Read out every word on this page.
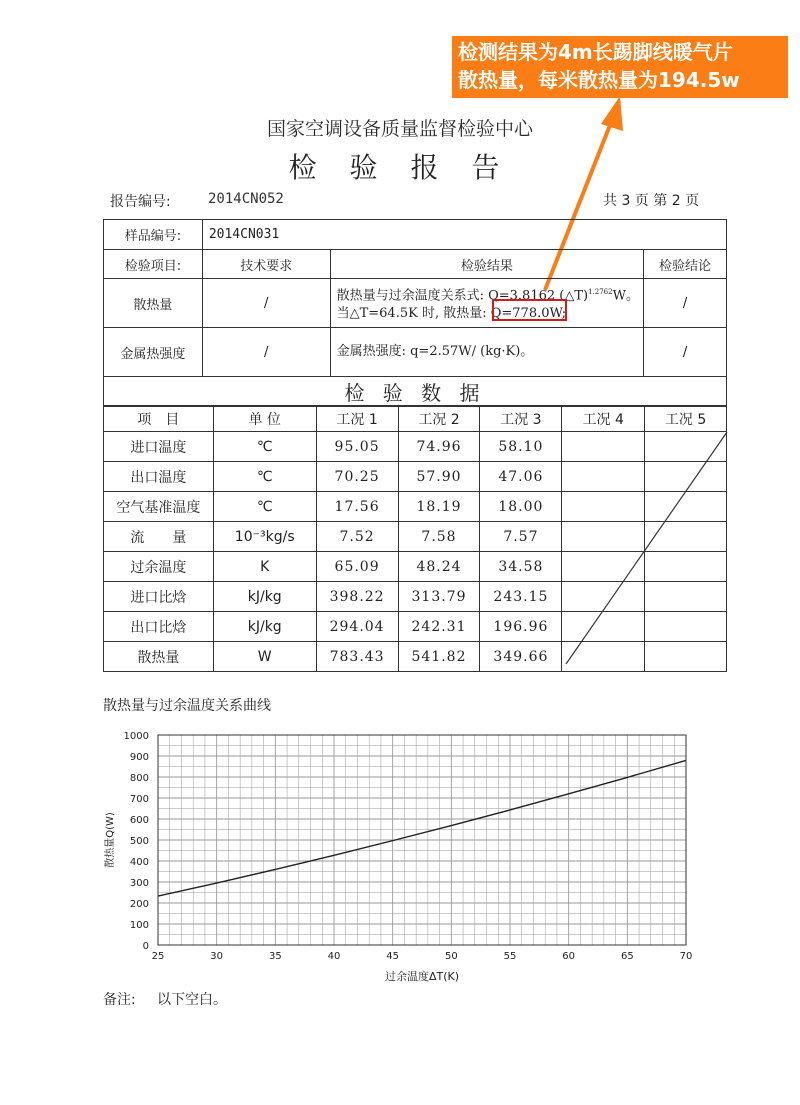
检测结果为4m长踢脚线暖气片
散热量，每米散热量为194.5w
国家空调设备质量监督检验中心
检 验 报 告
报告编号:	2014CN052	共 3 页 第 2 页
样品编号:	2014CN031		
检验项目:	技术要求	检验结果	检验结论
散热量	/	散热量与过余温度关系式: Q=3.8162 (△T)$^{1.2762}$W。
当△T=64.5K 时, 散热量: Q=778.0W;	/
金属热强度	/	金属热强度: q=2.57W/ (kg·K)。	/
检 验 数 据			
项　目	单 位	工况 1	工况 2	工况 3	工况 4	工况 5
进口温度	℃	95.05	74.96	58.10		
出口温度	℃	70.25	57.90	47.06		
空气基准温度	℃	17.56	18.19	18.00		
流　　量	10⁻³kg/s	7.52	7.58	7.57		
过余温度	K	65.09	48.24	34.58		
进口比焓	kJ/kg	398.22	313.79	243.15		
出口比焓	kJ/kg	294.04	242.31	196.96		
散热量	W	783.43	541.82	349.66		
散热量与过余温度关系曲线
25	30	35	40	45	50	55	60	65	70
0
100
200
300
400
500
600
700
800
900
1000
过余温度ΔT(K)
散热量Q(W)
备注: 以下空白。
